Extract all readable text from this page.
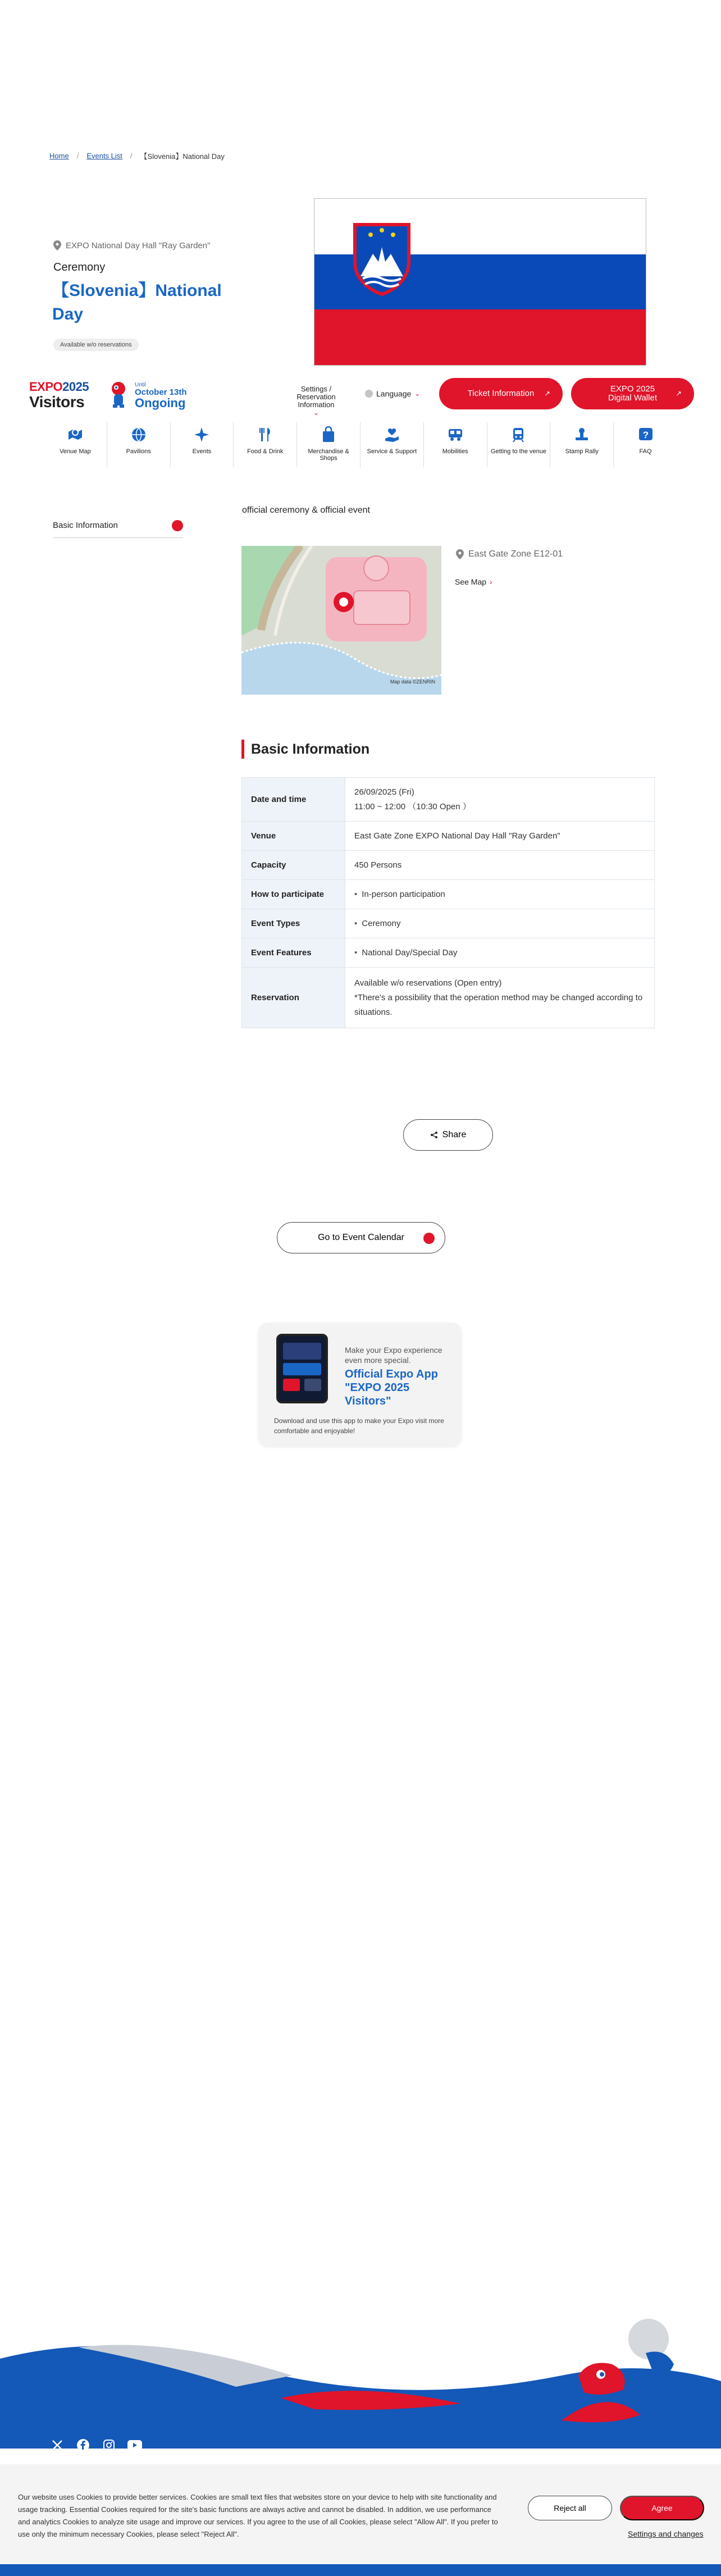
Home / Events List / 【Slovenia】National Day
EXPO National Day Hall "Ray Garden"
Ceremony
【Slovenia】National Day
Available w/o reservations
EXPO2025
Visitors
Until
October 13th
Ongoing
Settings / Reservation Information
⌄
Language ⌄	Ticket Information ↗	EXPO 2025 Digital Wallet	↗
Venue Map	Pavilions	Events	Food & Drink	Merchandise & Shops
Service & Support	Mobilities	Getting to the venue	Stamp Rally
?
FAQ
Basic Information
official ceremony & official event
Map data ©ZENRIN
East Gate Zone E12-01
See Map ›
Basic Information
Date and time	26/09/2025 (Fri)
11:00 ~ 12:00 （10:30 Open ）

Venue	East Gate Zone EXPO National Day Hall "Ray Garden"
Capacity	450 Persons
How to participate	• In-person participation
Event Types	• Ceremony
Event Features	• National Day/Special Day
Reservation	Available w/o reservations (Open entry)
*There's a possibility that the operation method may be changed according to situations.
Share
Go to Event Calendar
Make your Expo experience even more special.
Official Expo App "EXPO 2025 Visitors"
Download and use this app to make your Expo visit more comfortable and enjoyable!

Our website uses Cookies to provide better services. Cookies are small text files that websites store on your device to help with site functionality and usage tracking. Essential Cookies required for the site's basic functions are always active and cannot be disabled. In addition, we use performance and analytics Cookies to analyze site usage and improve our services. If you agree to the use of all Cookies, please select "Allow All". If you prefer to use only the minimum necessary Cookies, please select "Reject All".

Reject all	Agree
Settings and changes
